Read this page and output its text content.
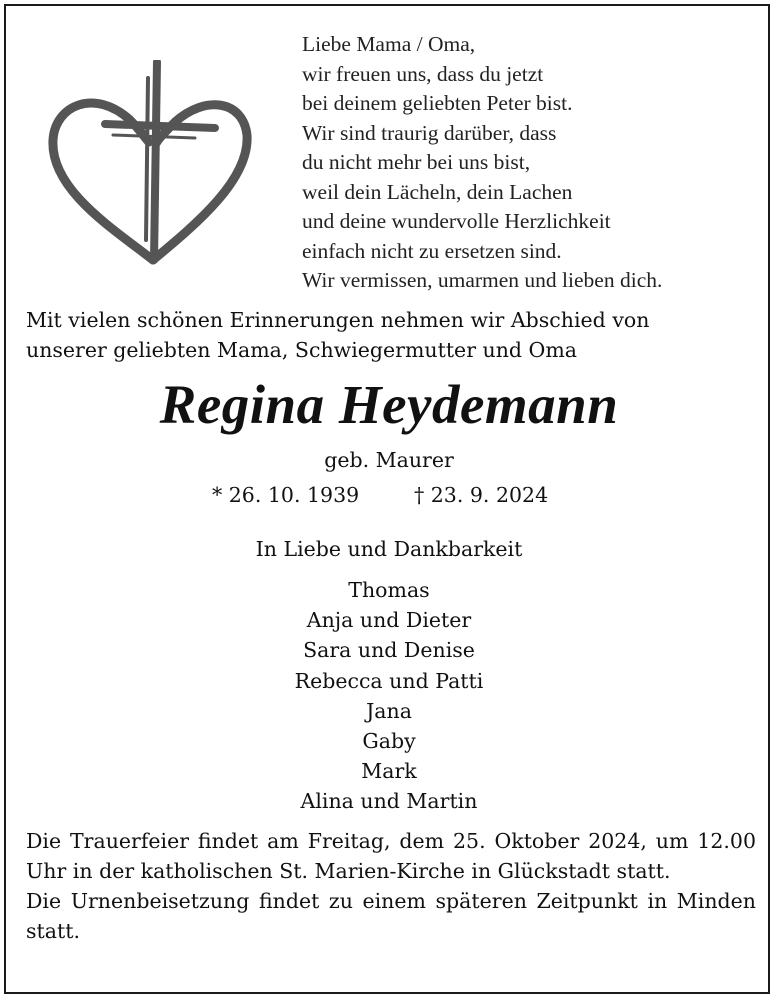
Liebe Mama / Oma,
wir freuen uns, dass du jetzt
bei deinem geliebten Peter bist.
Wir sind traurig darüber, dass
du nicht mehr bei uns bist,
weil dein Lächeln, dein Lachen
und deine wundervolle Herzlichkeit
einfach nicht zu ersetzen sind.
Wir vermissen, umarmen und lieben dich.
Mit vielen schönen Erinnerungen nehmen wir Abschied von
unserer geliebten Mama, Schwiegermutter und Oma
Regina Heydemann
geb. Maurer
* 26. 10. 1939	† 23. 9. 2024
In Liebe und Dankbarkeit
Thomas
Anja und Dieter
Sara und Denise
Rebecca und Patti
Jana
Gaby
Mark
Alina und Martin

Die Trauerfeier findet am Freitag, dem 25. Oktober 2024, um 12.00 Uhr in der katholischen St. Marien-Kirche in Glückstadt statt.

Die Urnenbeisetzung findet zu einem späteren Zeitpunkt in Minden statt.
